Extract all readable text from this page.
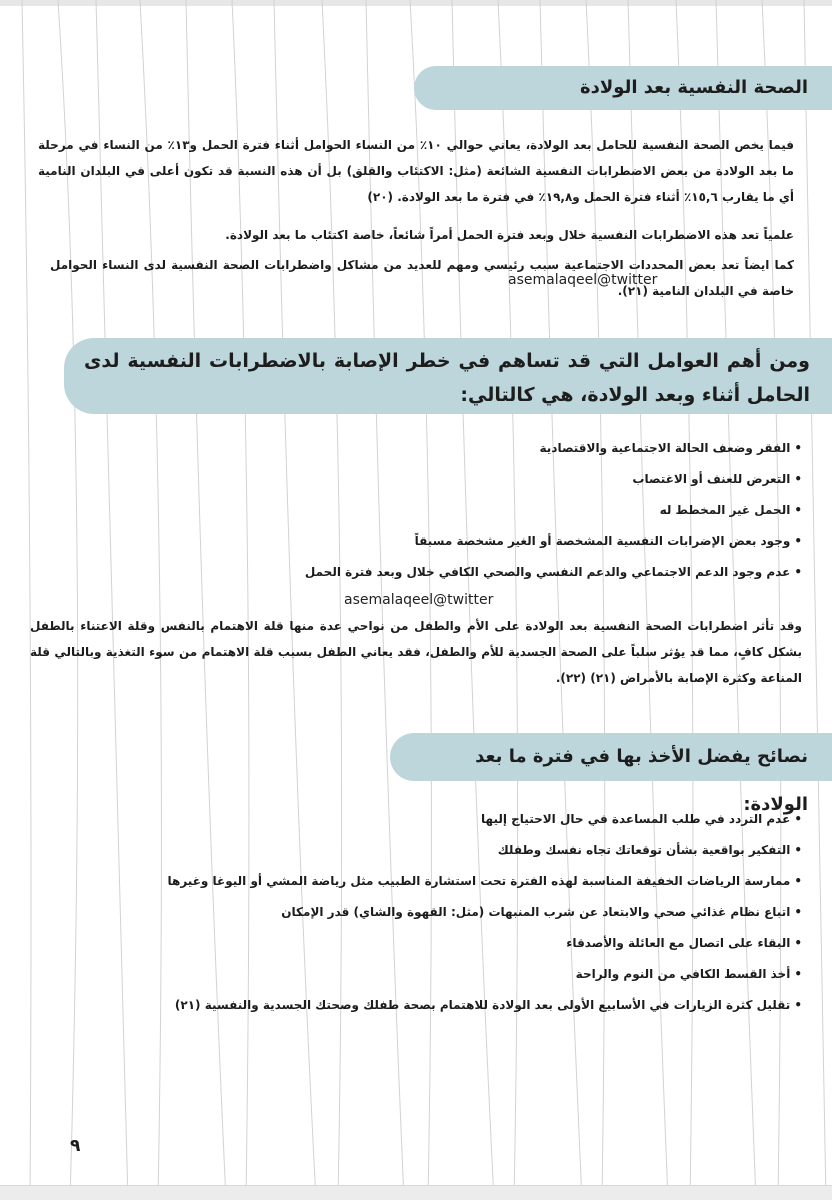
الصحة النفسية بعد الولادة

فيما يخص الصحة النفسية للحامل بعد الولادة، يعاني حوالي ١٠٪ من النساء الحوامل أثناء فترة الحمل و١٣٪ من النساء في مرحلة ما بعد الولادة من بعض الاضطرابات النفسية الشائعة (مثل: الاكتئاب والقلق) بل أن هذه النسبة قد تكون أعلى في البلدان النامية أي ما يقارب ١٥,٦٪ أثناء فترة الحمل و١٩,٨٪ في فترة ما بعد الولادة. (٢٠)

علمياً تعد هذه الاضطرابات النفسية خلال وبعد فترة الحمل أمراً شائعاً، خاصة اكتئاب ما بعد الولادة.

كما ايضاً تعد بعض المحددات الاجتماعية سبب رئيسي ومهم للعديد من مشاكل واضطرابات الصحة النفسية لدى النساء الحوامل خاصة في البلدان النامية (٢١).

ومن أهم العوامل التي قد تساهم في خطر الإصابة بالاضطرابات النفسية لدى الحامل أثناء وبعد الولادة، هي كالتالي:
• الفقر وضعف الحالة الاجتماعية والاقتصادية
• التعرض للعنف أو الاغتصاب
• الحمل غير المخطط له
• وجود بعض الإضرابات النفسية المشخصة أو الغير مشخصة مسبقاً
• عدم وجود الدعم الاجتماعي والدعم النفسي والصحي الكافي خلال وبعد فترة الحمل

وقد تأثر اضطرابات الصحة النفسية بعد الولادة على الأم والطفل من نواحي عدة منها قلة الاهتمام بالنفس وقلة الاعتناء بالطفل بشكل كافٍ، مما قد يؤثر سلباً على الصحة الجسدية للأم والطفل، فقد يعاني الطفل بسبب قلة الاهتمام من سوء التغذية وبالتالي قلة المناعة وكثرة الإصابة بالأمراض (٢١) (٢٢).

نصائح يفضل الأخذ بها في فترة ما بعد الولادة:
• عدم التردد في طلب المساعدة في حال الاحتياج إليها
• التفكير بواقعية بشأن توقعاتك تجاه نفسك وطفلك
• ممارسة الرياضات الخفيفة المناسبة لهذه الفترة تحت استشارة الطبيب مثل رياضة المشي أو اليوغا وغيرها
• اتباع نظام غذائي صحي والابتعاد عن شرب المنبهات (مثل: القهوة والشاي) قدر الإمكان
• البقاء على اتصال مع العائلة والأصدقاء
• أخذ القسط الكافي من النوم والراحة
• تقليل كثرة الزيارات في الأسابيع الأولى بعد الولادة للاهتمام بصحة طفلك وصحتك الجسدية والنفسية (٢١)
٩
asemalaqeel@twitter
asemalaqeel@twitter
